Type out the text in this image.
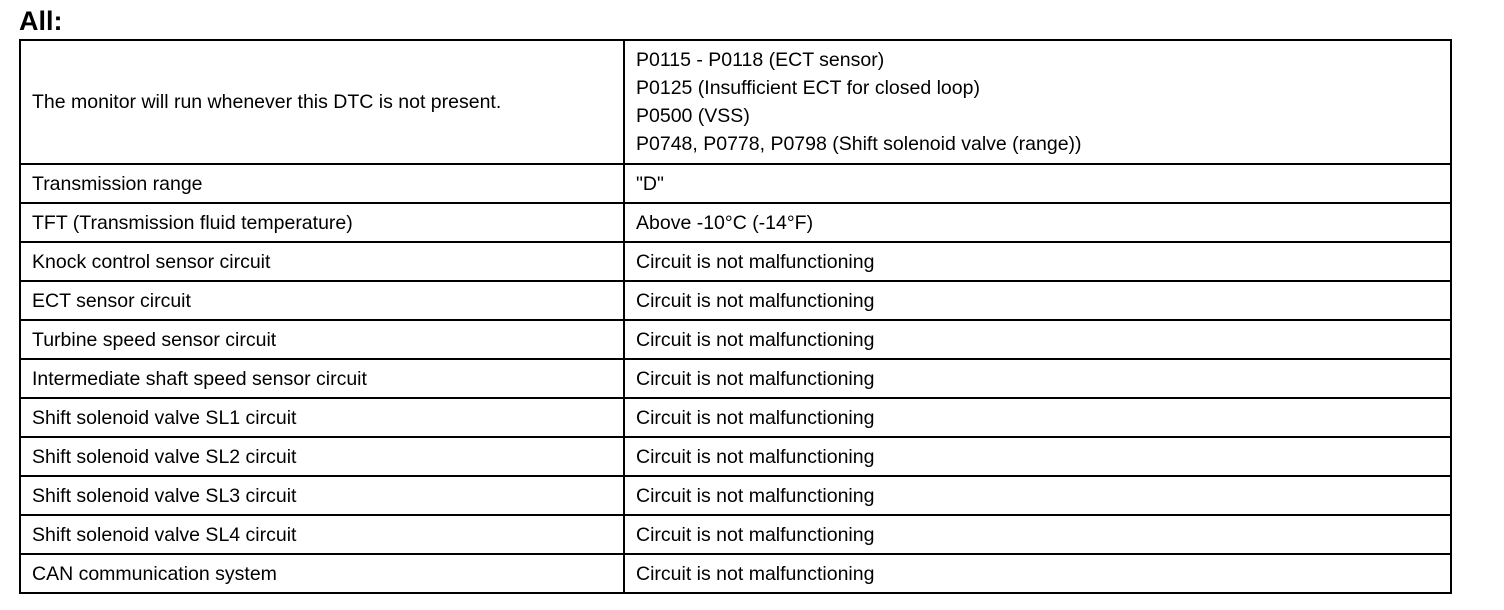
All:
The monitor will run whenever this DTC is not present.	P0115 - P0118 (ECT sensor)
P0125 (Insufficient ECT for closed loop)
P0500 (VSS)
P0748, P0778, P0798 (Shift solenoid valve (range))

Transmission range	"D"
TFT (Transmission fluid temperature)	Above -10°C (-14°F)
Knock control sensor circuit	Circuit is not malfunctioning
ECT sensor circuit	Circuit is not malfunctioning
Turbine speed sensor circuit	Circuit is not malfunctioning
Intermediate shaft speed sensor circuit	Circuit is not malfunctioning
Shift solenoid valve SL1 circuit	Circuit is not malfunctioning
Shift solenoid valve SL2 circuit	Circuit is not malfunctioning
Shift solenoid valve SL3 circuit	Circuit is not malfunctioning
Shift solenoid valve SL4 circuit	Circuit is not malfunctioning
CAN communication system	Circuit is not malfunctioning
